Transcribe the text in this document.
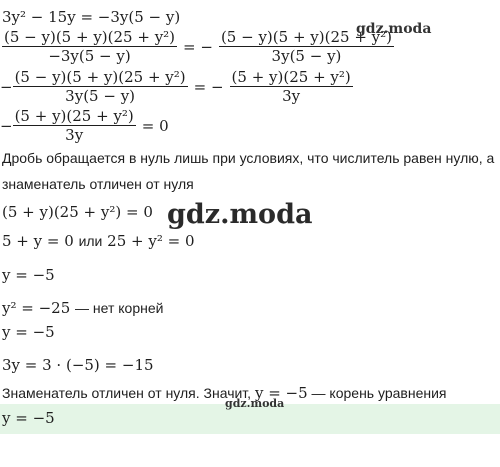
3y² − 15y = −3y(5 − y)
$\frac{\text{(5 − y)(5 + y)(25 + y²)}}{-3y(5 - y)}$ = − $\frac{\text{(5 − y)(5 + y)(25 + y²)}}{3y(5 - y)}$
− $\frac{\text{(5 − y)(5 + y)(25 + y²)}}{3y(5 - y)}$ = − $\frac{\text{(5 + y)(25 + y²)}}{3y}$
− $\frac{\text{(5 + y)(25 + y²)}}{3y} = 0$
Дробь обращается в нуль лишь при условиях, что числитель равен нулю, а
знаменатель отличен от нуля
(5 + y)(25 + y²) = 0
5 + y = 0 или 25 + y² = 0
y = −5
y² = −25 — нет корней
y = −5
3y = 3 · (−5) = −15
Знаменатель отличен от нуля. Значит, y = −5 — корень уравнения
y = −5
gdz.moda
gdz.moda
gdz.moda
